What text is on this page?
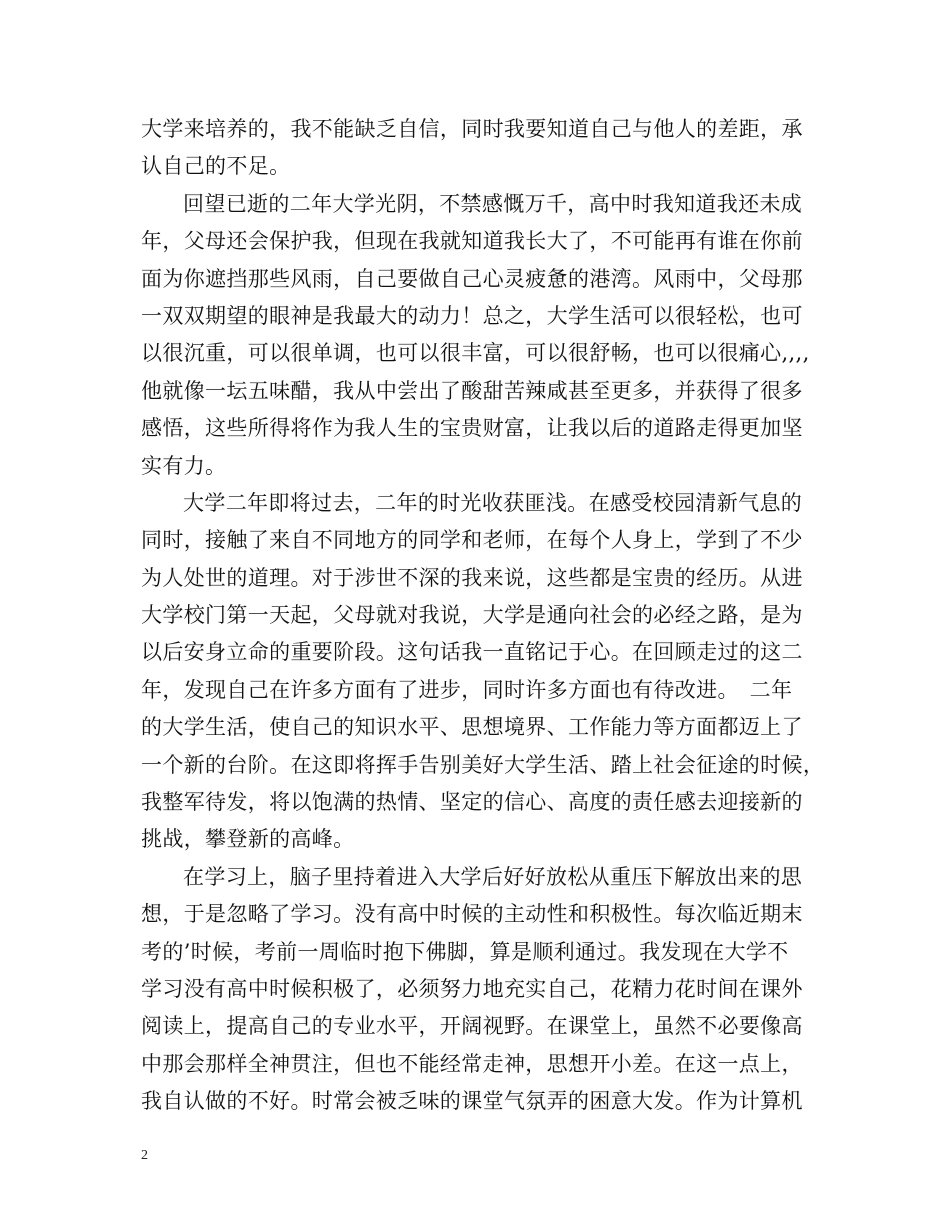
大学来培养的，我不能缺乏自信，同时我要知道自己与他人的差距，承
认自己的不足。
回望已逝的二年大学光阴，不禁感慨万千，高中时我知道我还未成
年，父母还会保护我，但现在我就知道我长大了，不可能再有谁在你前
面为你遮挡那些风雨，自己要做自己心灵疲惫的港湾。风雨中，父母那
一双双期望的眼神是我最大的动力！总之，大学生活可以很轻松，也可
以很沉重，可以很单调，也可以很丰富，可以很舒畅，也可以很痛心,,,,
他就像一坛五味醋，我从中尝出了酸甜苦辣咸甚至更多，并获得了很多
感悟，这些所得将作为我人生的宝贵财富，让我以后的道路走得更加坚
实有力。
大学二年即将过去，二年的时光收获匪浅。在感受校园清新气息的
同时，接触了来自不同地方的同学和老师，在每个人身上，学到了不少
为人处世的道理。对于涉世不深的我来说，这些都是宝贵的经历。从进
大学校门第一天起，父母就对我说，大学是通向社会的必经之路，是为
以后安身立命的重要阶段。这句话我一直铭记于心。在回顾走过的这二
年，发现自己在许多方面有了进步，同时许多方面也有待改进。　二年
的大学生活，使自己的知识水平、思想境界、工作能力等方面都迈上了
一个新的台阶。在这即将挥手告别美好大学生活、踏上社会征途的时候，
我整军待发，将以饱满的热情、坚定的信心、高度的责任感去迎接新的
挑战，攀登新的高峰。
在学习上，脑子里持着进入大学后好好放松从重压下解放出来的思
想，于是忽略了学习。没有高中时候的主动性和积极性。每次临近期末
考的’时候，考前一周临时抱下佛脚，算是顺利通过。我发现在大学不
学习没有高中时候积极了，必须努力地充实自己，花精力花时间在课外
阅读上，提高自己的专业水平，开阔视野。在课堂上，虽然不必要像高
中那会那样全神贯注，但也不能经常走神，思想开小差。在这一点上，
我自认做的不好。时常会被乏味的课堂气氛弄的困意大发。作为计算机
2
